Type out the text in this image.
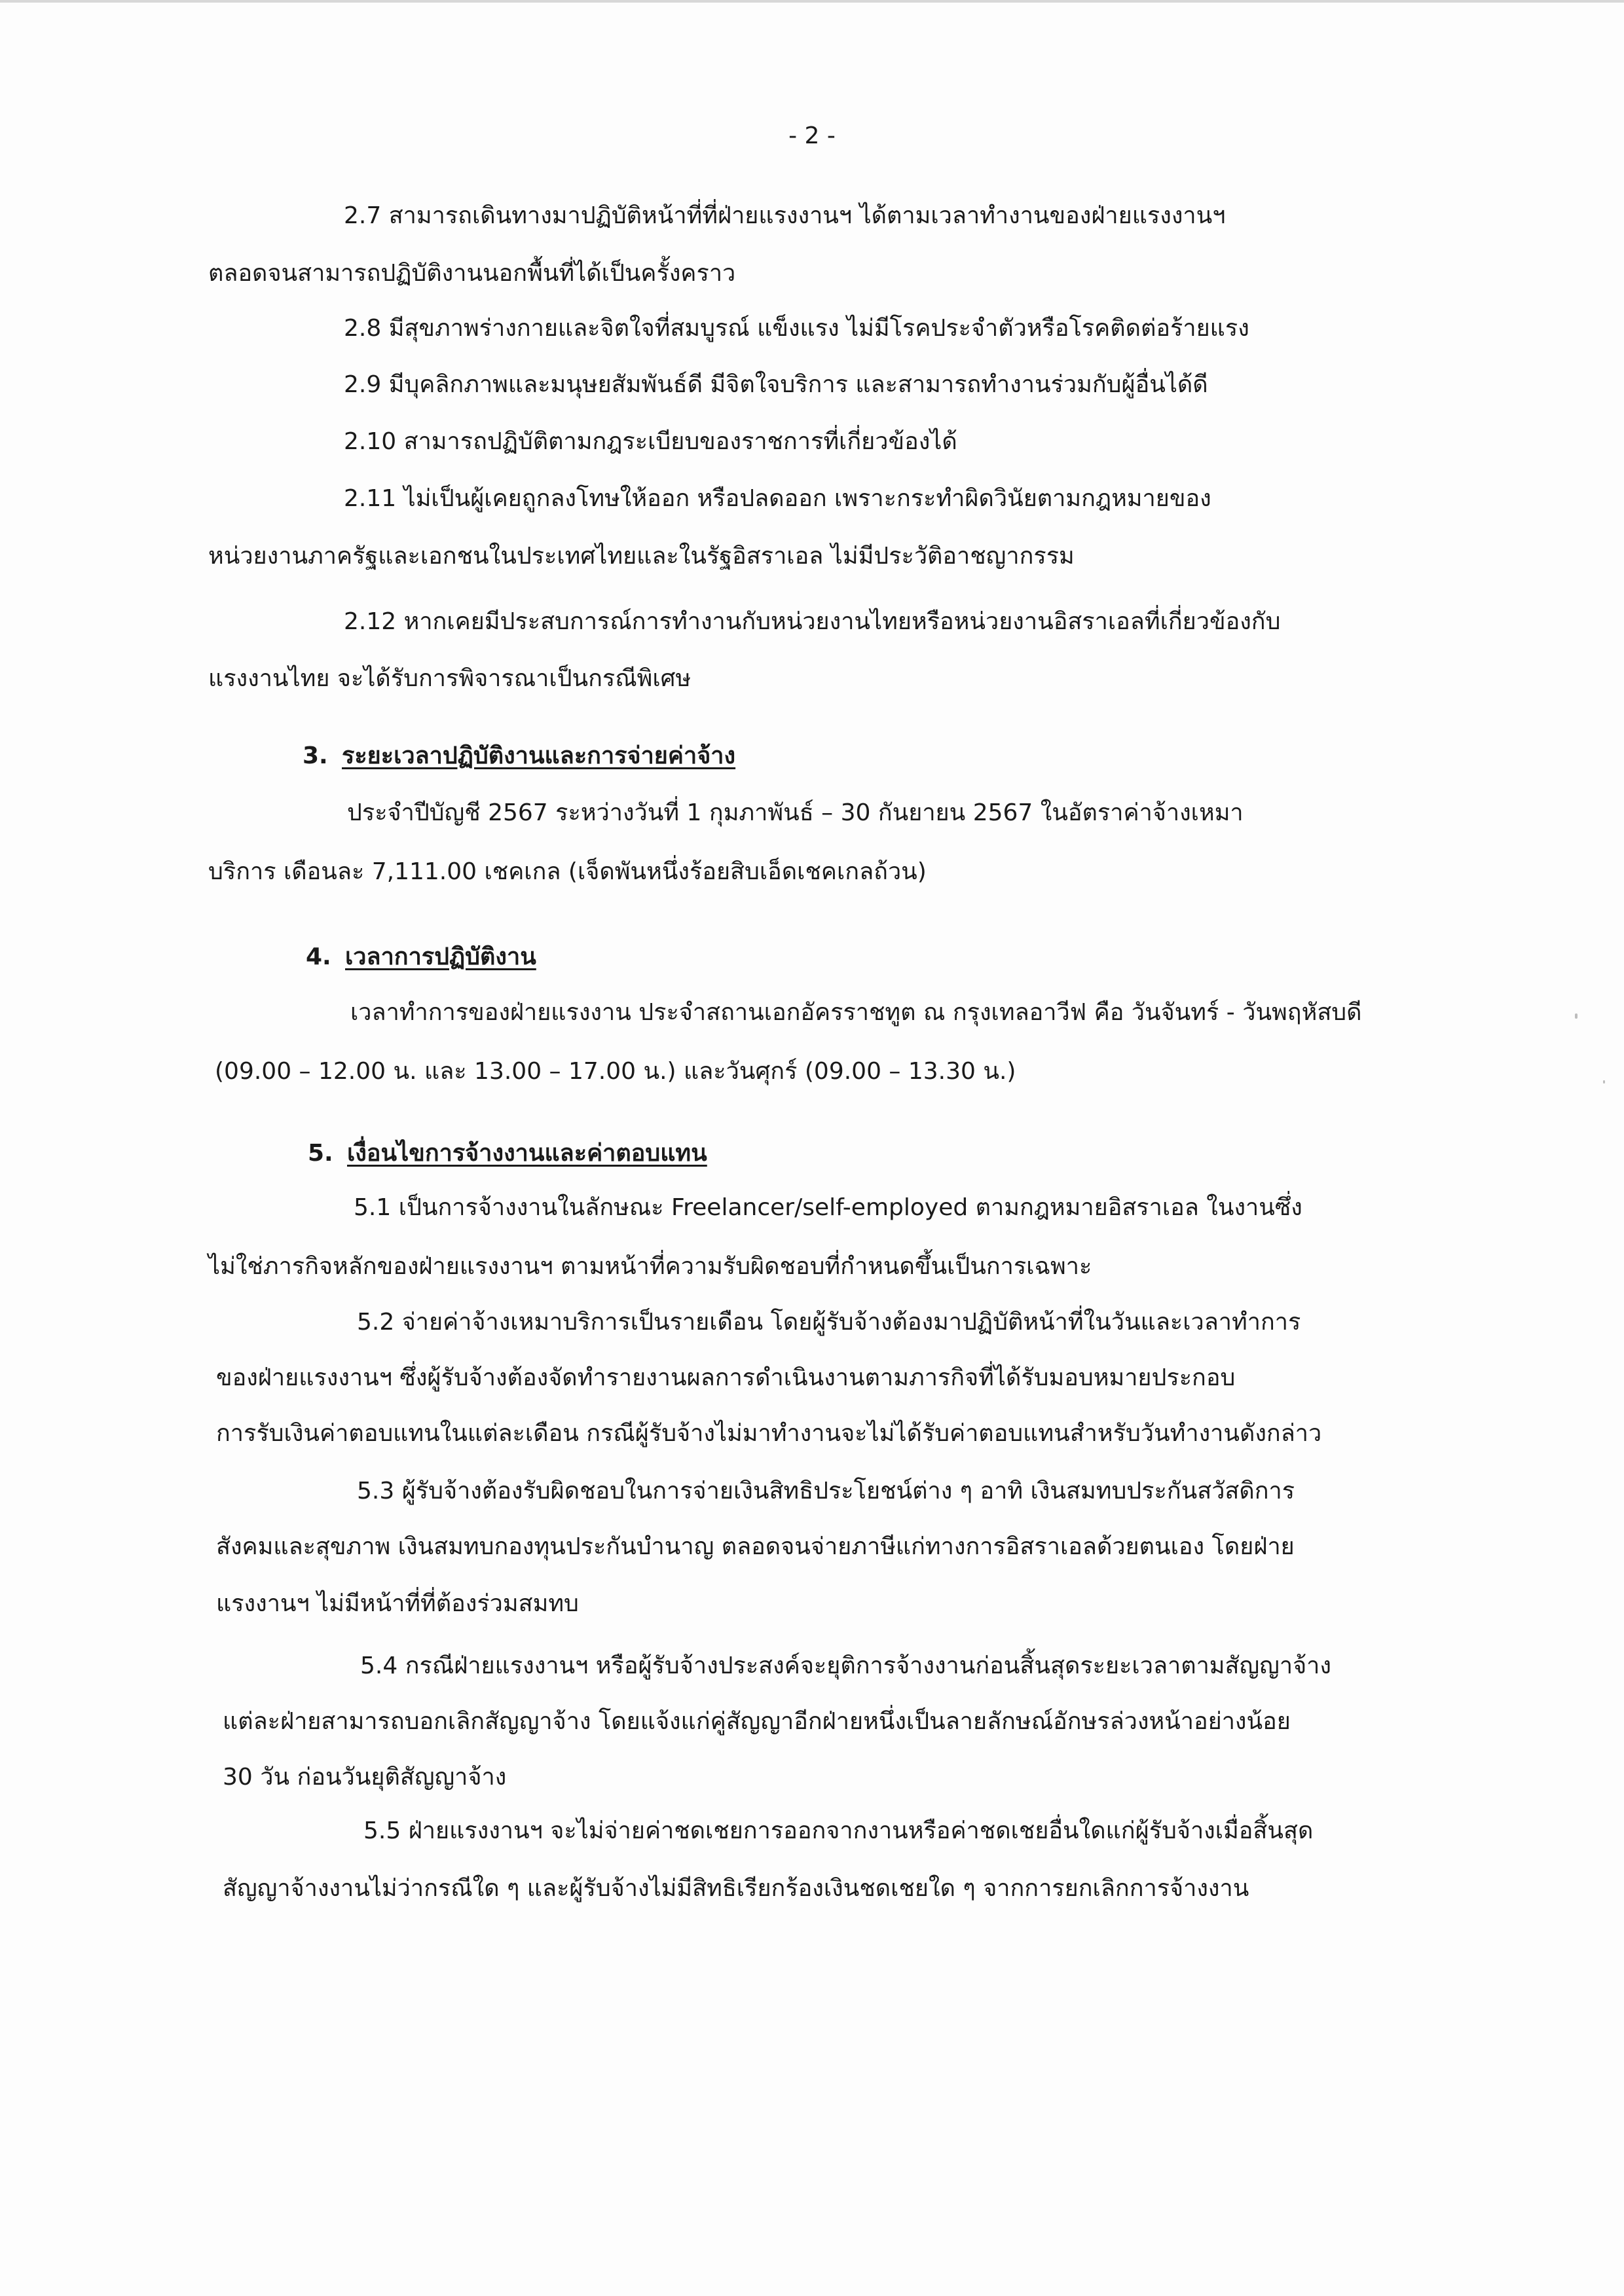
- 2 -
2.7 สามารถเดินทางมาปฏิบัติหน้าที่ที่ฝ่ายแรงงานฯ ได้ตามเวลาทำงานของฝ่ายแรงงานฯ
ตลอดจนสามารถปฏิบัติงานนอกพื้นที่ได้เป็นครั้งคราว
2.8 มีสุขภาพร่างกายและจิตใจที่สมบูรณ์ แข็งแรง ไม่มีโรคประจำตัวหรือโรคติดต่อร้ายแรง
2.9 มีบุคลิกภาพและมนุษยสัมพันธ์ดี มีจิตใจบริการ และสามารถทำงานร่วมกับผู้อื่นได้ดี
2.10 สามารถปฏิบัติตามกฎระเบียบของราชการที่เกี่ยวข้องได้
2.11 ไม่เป็นผู้เคยถูกลงโทษให้ออก หรือปลดออก เพราะกระทำผิดวินัยตามกฎหมายของ
หน่วยงานภาครัฐและเอกชนในประเทศไทยและในรัฐอิสราเอล ไม่มีประวัติอาชญากรรม
2.12 หากเคยมีประสบการณ์การทำงานกับหน่วยงานไทยหรือหน่วยงานอิสราเอลที่เกี่ยวข้องกับ
แรงงานไทย จะได้รับการพิจารณาเป็นกรณีพิเศษ
3. ระยะเวลาปฏิบัติงานและการจ่ายค่าจ้าง
ประจำปีบัญชี 2567 ระหว่างวันที่ 1 กุมภาพันธ์ – 30 กันยายน 2567 ในอัตราค่าจ้างเหมา
บริการ เดือนละ 7,111.00 เชคเกล (เจ็ดพันหนึ่งร้อยสิบเอ็ดเชคเกลถ้วน)
4. เวลาการปฏิบัติงาน
เวลาทำการของฝ่ายแรงงาน ประจำสถานเอกอัครราชทูต ณ กรุงเทลอาวีฟ คือ วันจันทร์ - วันพฤหัสบดี
(09.00 – 12.00 น. และ 13.00 – 17.00 น.) และวันศุกร์ (09.00 – 13.30 น.)
5. เงื่อนไขการจ้างงานและค่าตอบแทน
5.1 เป็นการจ้างงานในลักษณะ Freelancer/self-employed ตามกฎหมายอิสราเอล ในงานซึ่ง
ไม่ใช่ภารกิจหลักของฝ่ายแรงงานฯ ตามหน้าที่ความรับผิดชอบที่กำหนดขึ้นเป็นการเฉพาะ
5.2 จ่ายค่าจ้างเหมาบริการเป็นรายเดือน โดยผู้รับจ้างต้องมาปฏิบัติหน้าที่ในวันและเวลาทำการ
ของฝ่ายแรงงานฯ ซึ่งผู้รับจ้างต้องจัดทำรายงานผลการดำเนินงานตามภารกิจที่ได้รับมอบหมายประกอบ
การรับเงินค่าตอบแทนในแต่ละเดือน กรณีผู้รับจ้างไม่มาทำงานจะไม่ได้รับค่าตอบแทนสำหรับวันทำงานดังกล่าว
5.3 ผู้รับจ้างต้องรับผิดชอบในการจ่ายเงินสิทธิประโยชน์ต่าง ๆ อาทิ เงินสมทบประกันสวัสดิการ
สังคมและสุขภาพ เงินสมทบกองทุนประกันบำนาญ ตลอดจนจ่ายภาษีแก่ทางการอิสราเอลด้วยตนเอง โดยฝ่าย
แรงงานฯ ไม่มีหน้าที่ที่ต้องร่วมสมทบ
5.4 กรณีฝ่ายแรงงานฯ หรือผู้รับจ้างประสงค์จะยุติการจ้างงานก่อนสิ้นสุดระยะเวลาตามสัญญาจ้าง
แต่ละฝ่ายสามารถบอกเลิกสัญญาจ้าง โดยแจ้งแก่คู่สัญญาอีกฝ่ายหนึ่งเป็นลายลักษณ์อักษรล่วงหน้าอย่างน้อย
30 วัน ก่อนวันยุติสัญญาจ้าง
5.5 ฝ่ายแรงงานฯ จะไม่จ่ายค่าชดเชยการออกจากงานหรือค่าชดเชยอื่นใดแก่ผู้รับจ้างเมื่อสิ้นสุด
สัญญาจ้างงานไม่ว่ากรณีใด ๆ และผู้รับจ้างไม่มีสิทธิเรียกร้องเงินชดเชยใด ๆ จากการยกเลิกการจ้างงาน
